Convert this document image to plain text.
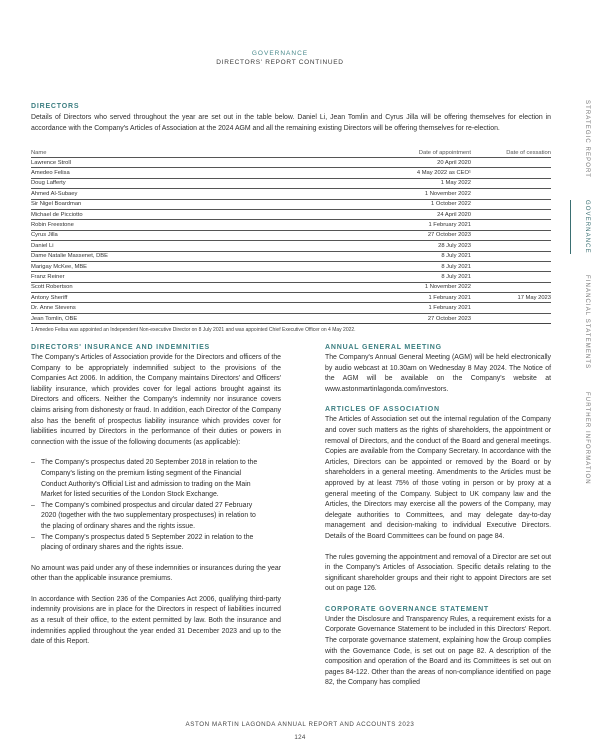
GOVERNANCE
DIRECTORS' REPORT CONTINUED
DIRECTORS
Details of Directors who served throughout the year are set out in the table below. Daniel Li, Jean Tomlin and Cyrus Jilla will be offering themselves for election in accordance with the Company's Articles of Association at the 2024 AGM and all the remaining existing Directors will be offering themselves for re-election.
Name	Date of appointment	Date of cessation
Lawrence Stroll	20 April 2020
Amedeo Felisa	4 May 2022 as CEO¹
Doug Lafferty	1 May 2022
Ahmed Al-Subaey	1 November 2022
Sir Nigel Boardman	1 October 2022
Michael de Picciotto	24 April 2020
Robin Freestone	1 February 2021
Cyrus Jilla	27 October 2023
Daniel Li	28 July 2023
Dame Natalie Massenet, DBE	8 July 2021
Marigay McKee, MBE	8 July 2021
Franz Reiner	8 July 2021
Scott Robertson	1 November 2022
Antony Sheriff	1 February 2021	17 May 2023
Dr. Anne Stevens	1 February 2021
Jean Tomlin, OBE	27 October 2023
1 Amedeo Felisa was appointed an Independent Non-executive Director on 8 July 2021 and was appointed Chief Executive Officer on 4 May 2022.
DIRECTORS' INSURANCE AND INDEMNITIES
The Company's Articles of Association provide for the Directors and officers of the Company to be appropriately indemnified subject to the provisions of the Companies Act 2006. In addition, the Company maintains Directors' and Officers' liability insurance, which provides cover for legal actions brought against its Directors and officers. Neither the Company's indemnity nor insurance covers claims arising from dishonesty or fraud. In addition, each Director of the Company also has the benefit of prospectus liability insurance which provides cover for liabilities incurred by Directors in the performance of their duties or powers in connection with the issue of the following documents (as applicable):
– The Company's prospectus dated 20 September 2018 in relation to the Company's listing on the premium listing segment of the Financial Conduct Authority's Official List and admission to trading on the Main Market for listed securities of the London Stock Exchange.
– The Company's combined prospectus and circular dated 27 February 2020 (together with the two supplementary prospectuses) in relation to the placing of ordinary shares and the rights issue.
– The Company's prospectus dated 5 September 2022 in relation to the placing of ordinary shares and the rights issue.
No amount was paid under any of these indemnities or insurances during the year other than the applicable insurance premiums.
In accordance with Section 236 of the Companies Act 2006, qualifying third-party indemnity provisions are in place for the Directors in respect of liabilities incurred as a result of their office, to the extent permitted by law. Both the insurance and indemnities applied throughout the year ended 31 December 2023 and up to the date of this Report.
ANNUAL GENERAL MEETING
The Company's Annual General Meeting (AGM) will be held electronically by audio webcast at 10.30am on Wednesday 8 May 2024. The Notice of the AGM will be available on the Company's website at www.astonmartinlagonda.com/investors.
ARTICLES OF ASSOCIATION
The Articles of Association set out the internal regulation of the Company and cover such matters as the rights of shareholders, the appointment or removal of Directors, and the conduct of the Board and general meetings. Copies are available from the Company Secretary. In accordance with the Articles, Directors can be appointed or removed by the Board or by shareholders in a general meeting. Amendments to the Articles must be approved by at least 75% of those voting in person or by proxy at a general meeting of the Company. Subject to UK company law and the Articles, the Directors may exercise all the powers of the Company, may delegate authorities to Committees, and may delegate day-to-day management and decision-making to individual Executive Directors. Details of the Board Committees can be found on page 84.
The rules governing the appointment and removal of a Director are set out in the Company's Articles of Association. Specific details relating to the significant shareholder groups and their right to appoint Directors are set out on page 126.
CORPORATE GOVERNANCE STATEMENT
Under the Disclosure and Transparency Rules, a requirement exists for a Corporate Governance Statement to be included in this Directors' Report. The corporate governance statement, explaining how the Group complies with the Governance Code, is set out on page 82. A description of the composition and operation of the Board and its Committees is set out on pages 84-122. Other than the areas of non-compliance identified on page 82, the Company has complied
STRATEGIC REPORT
GOVERNANCE
FINANCIAL STATEMENTS
FURTHER INFORMATION
ASTON MARTIN LAGONDA ANNUAL REPORT AND ACCOUNTS 2023
124
